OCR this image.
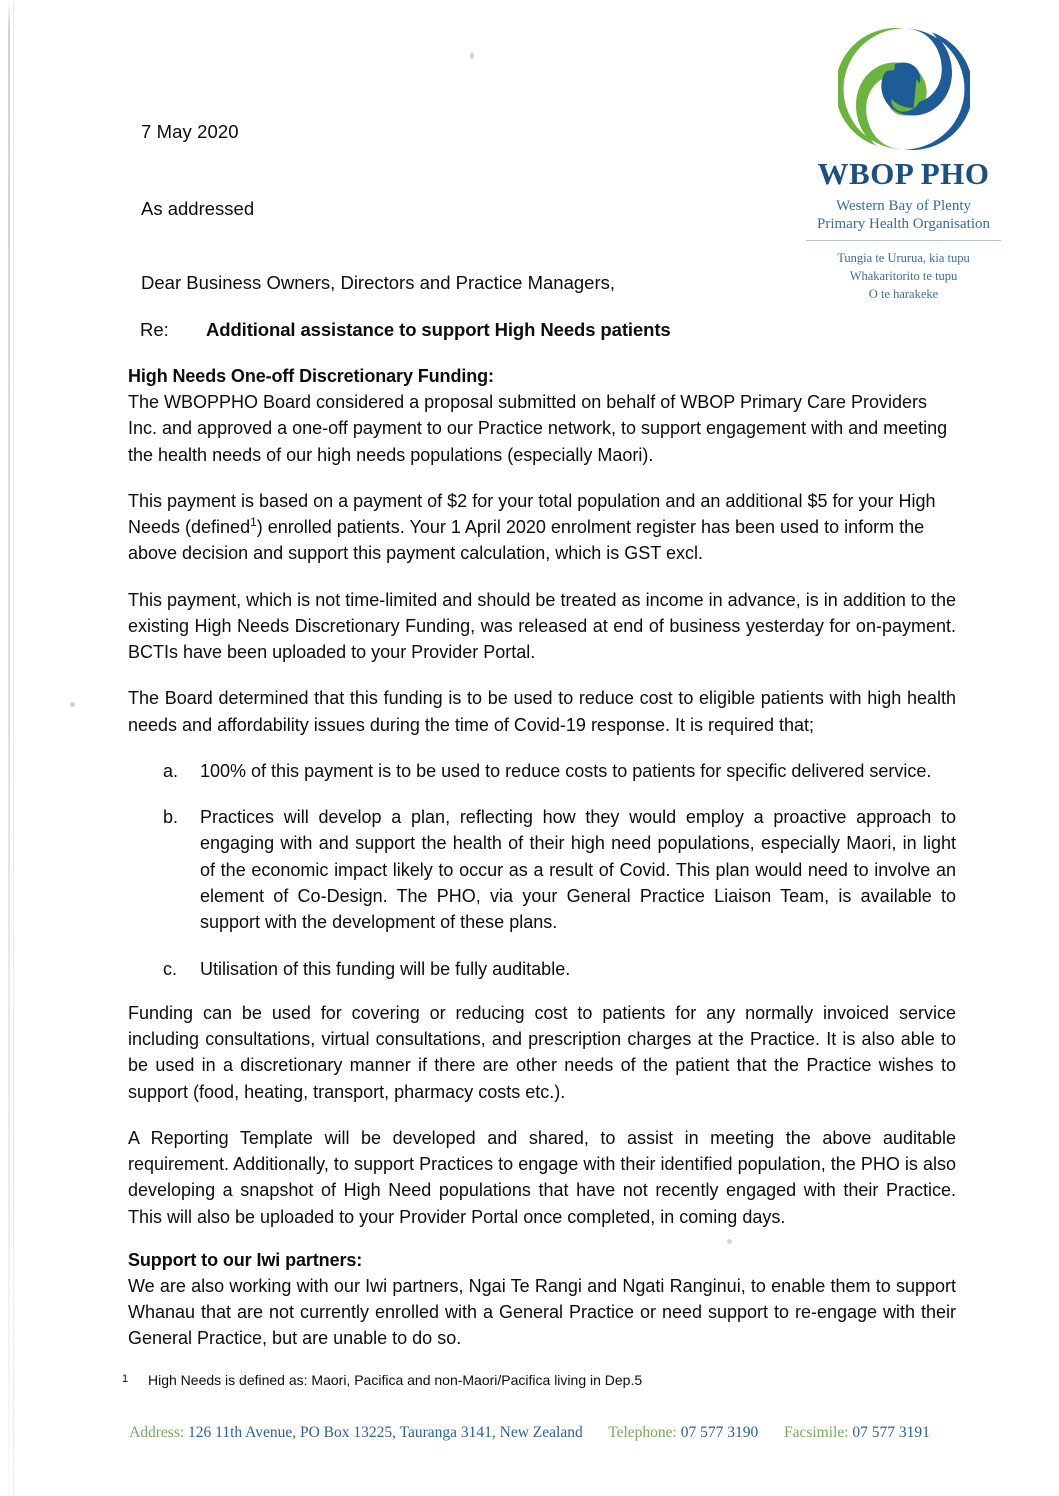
WBOP PHO
Western Bay of Plenty
Primary Health Organisation
Tungia te Ururua, kia tupu
Whakaritorito te tupu
O te harakeke
7 May 2020
As addressed
Dear Business Owners, Directors and Practice Managers,
Re:	Additional assistance to support High Needs patients
High Needs One-off Discretionary Funding:

The WBOPPHO Board considered a proposal submitted on behalf of WBOP Primary Care Providers Inc. and approved a one-off payment to our Practice network, to support engagement with and meeting the health needs of our high needs populations (especially Maori).

This payment is based on a payment of $2 for your total population and an additional $5 for your High Needs (defined$^1$) enrolled patients. Your 1 April 2020 enrolment register has been used to inform the above decision and support this payment calculation, which is GST excl.

This payment, which is not time-limited and should be treated as income in advance, is in addition to the existing High Needs Discretionary Funding, was released at end of business yesterday for on-payment. BCTIs have been uploaded to your Provider Portal.

The Board determined that this funding is to be used to reduce cost to eligible patients with high health needs and affordability issues during the time of Covid-19 response. It is required that;

a. 100% of this payment is to be used to reduce costs to patients for specific delivered service.
b. Practices will develop a plan, reflecting how they would employ a proactive approach to engaging with and support the health of their high need populations, especially Maori, in light of the economic impact likely to occur as a result of Covid. This plan would need to involve an element of Co-Design. The PHO, via your General Practice Liaison Team, is available to support with the development of these plans.
c. Utilisation of this funding will be fully auditable.

Funding can be used for covering or reducing cost to patients for any normally invoiced service including consultations, virtual consultations, and prescription charges at the Practice. It is also able to be used in a discretionary manner if there are other needs of the patient that the Practice wishes to support (food, heating, transport, pharmacy costs etc.).

A Reporting Template will be developed and shared, to assist in meeting the above auditable requirement. Additionally, to support Practices to engage with their identified population, the PHO is also developing a snapshot of High Need populations that have not recently engaged with their Practice. This will also be uploaded to your Provider Portal once completed, in coming days.

Support to our Iwi partners:

We are also working with our Iwi partners, Ngai Te Rangi and Ngati Ranginui, to enable them to support Whanau that are not currently enrolled with a General Practice or need support to re-engage with their General Practice, but are unable to do so.

1	High Needs is defined as: Maori, Pacifica and non-Maori/Pacifica living in Dep.5
Address: 126 11th Avenue, PO Box 13225, Tauranga 3141, New Zealand Telephone: 07 577 3190 Facsimile: 07 577 3191
